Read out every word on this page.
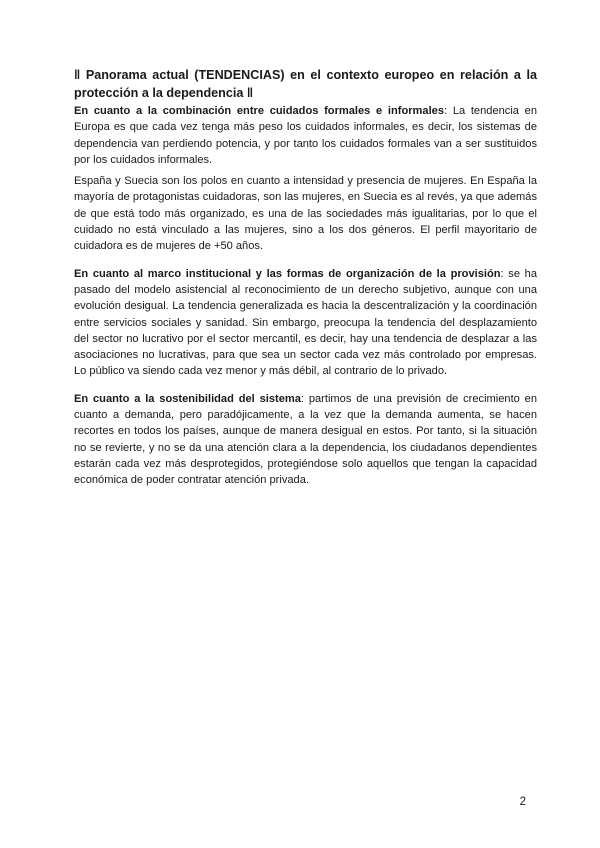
‖ Panorama actual (TENDENCIAS) en el contexto europeo en relación a la protección a la dependencia ‖

En cuanto a la combinación entre cuidados formales e informales: La tendencia en Europa es que cada vez tenga más peso los cuidados informales, es decir, los sistemas de dependencia van perdiendo potencia, y por tanto los cuidados formales van a ser sustituidos por los cuidados informales.

España y Suecia son los polos en cuanto a intensidad y presencia de mujeres. En España la mayoría de protagonistas cuidadoras, son las mujeres, en Suecia es al revés, ya que además de que está todo más organizado, es una de las sociedades más igualitarias, por lo que el cuidado no está vinculado a las mujeres, sino a los dos géneros. El perfil mayoritario de cuidadora es de mujeres de +50 años.

En cuanto al marco institucional y las formas de organización de la provisión: se ha pasado del modelo asistencial al reconocimiento de un derecho subjetivo, aunque con una evolución desigual. La tendencia generalizada es hacia la descentralización y la coordinación entre servicios sociales y sanidad. Sin embargo, preocupa la tendencia del desplazamiento del sector no lucrativo por el sector mercantil, es decir, hay una tendencia de desplazar a las asociaciones no lucrativas, para que sea un sector cada vez más controlado por empresas. Lo público va siendo cada vez menor y más débil, al contrario de lo privado.

En cuanto a la sostenibilidad del sistema: partimos de una previsión de crecimiento en cuanto a demanda, pero paradójicamente, a la vez que la demanda aumenta, se hacen recortes en todos los países, aunque de manera desigual en estos. Por tanto, si la situación no se revierte, y no se da una atención clara a la dependencia, los ciudadanos dependientes estarán cada vez más desprotegidos, protegiéndose solo aquellos que tengan la capacidad económica de poder contratar atención privada.

2
